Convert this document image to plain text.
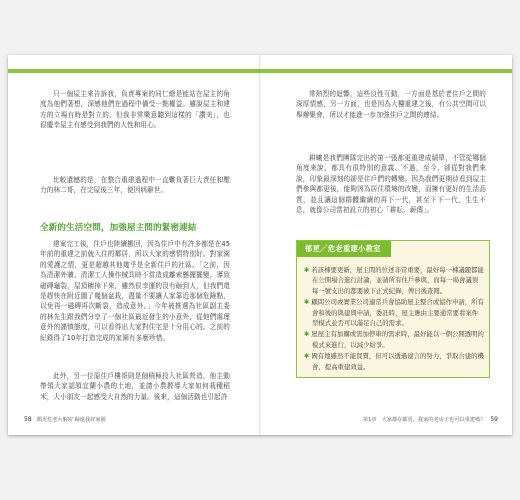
只一個屋主來告訴我，負責專案的同仁總是能站在屋主的角度為他們著想，深感他們在過程中備受一點權益。雖說屋主和建方的立場有時是對立的，但我非常樂意聽到這樣的「讚美」，也很慶幸屋主有感受到我們的人性和用心。

比較遺憾的是，在整合重建過程中一直難負著巨大責任和壓力的林二哥，在完屋後三年，便因病辭世。

全新的生活空間，加強屋主間的緊密連結

建案完工後，住戶也陸續搬回，因為住戶中有許多都是在45年前的重建之前就入住的鄰居，所以大家的感情特別好。對家園的愛護之情，更是超越其他幾乎是全新住戶的社區。「之前，因為清潔外牆、清潔工人操作械具時不當造成離索懸擺擺變，導致磁磚龜裂，屋頂櫥掉下來，雖然很幸運的沒有砸到人，但我們還是趕快在附近圍了幾個盆栽，盡量不要讓人家靠近那個危險點，以免再一磁磚再次斷裂，造成意外。」今年被推選為社區副主委的林先生跟我們分享了一個社區最近發生的小意外，從他們處理意外的謹慎態度，可以看得出大家對住宅是十分用心的。之前的紀錄得了10年打造完成的家園有多麼珍惜。

此外，另一位原住戶樓哥則是個積極投入社區營造，他主動帶領大家認領宜蘭小農的土地，並請小農教導大家如何栽種稻米，大小朋友一起感受大自然的力量。後來，這個活動也引起許

58 都更危老大解密 歸還我好家園

常熱烈的迴響，這些良性互動，一方面是基於老住戶之間的深厚情感，另一方面，也是因為大樓重建之後，有公共空間可以舉辦聚會，所以才能進一步加強住戶之間的連結。

耕曦是我們團隊完出的第一張都更重建成績單，不管從哪個角度來說，都具有很特別的意義。不過，至今，卻從對我們來說，印象最深刻的卻是住戶們的轉變。因為我們更期待看到屋主們參與都更後，能夠因為居住環境的改變，而擁有更好的生活品質，並且讓這個群體繼續的再下一代，甚至下下一代，生生不息，就像公司當初設立的初心「耕耘、薪傳」。

郁更／危老重建小教室
✱ 若該棟要更新，屋主間的位述非常重要，最好每一棟議題都能在公開場合進行討論，並請所有住戶參與，而每一場會議須每一號支出的都要被下正式紀錄，俾日後查閱。
✱ 顧問公司或實業公司適常兵會協助屋主整合或協作申請，所有會和後的與建與申請，委託時，屋主應由主要通常要看案件型模式並否可以滿足自己的需求。
✱ 屋屋主有加購或需加停車的需求時，最好能以一個公開透明的模式來進行，以減少紛爭。
✱ 國有地雖然不能買賣，但可以透過建言的努力，爭取合建的機會，提高重建效益。
第1章 大家都在都更，我家的老房子也可以重建嗎？ 59
